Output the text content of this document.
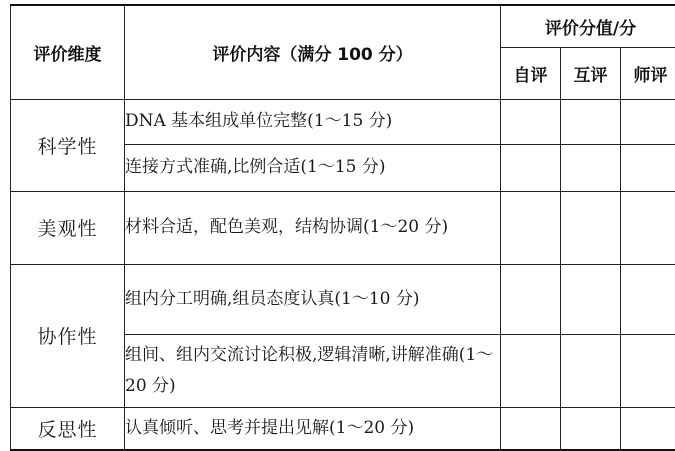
评价维度	评价内容（满分 100 分）	评价分值/分		
		自评	互评	师评
科学性	DNA 基本组成单位完整(1～15 分)			
	连接方式准确,比例合适(1～15 分)			
美观性	材料合适，配色美观，结构协调(1～20 分)			
协作性	组内分工明确,组员态度认真(1～10 分)			
	组间、组内交流讨论积极,逻辑清晰,讲解准确(1～20 分)			
反思性	认真倾听、思考并提出见解(1～20 分)			
